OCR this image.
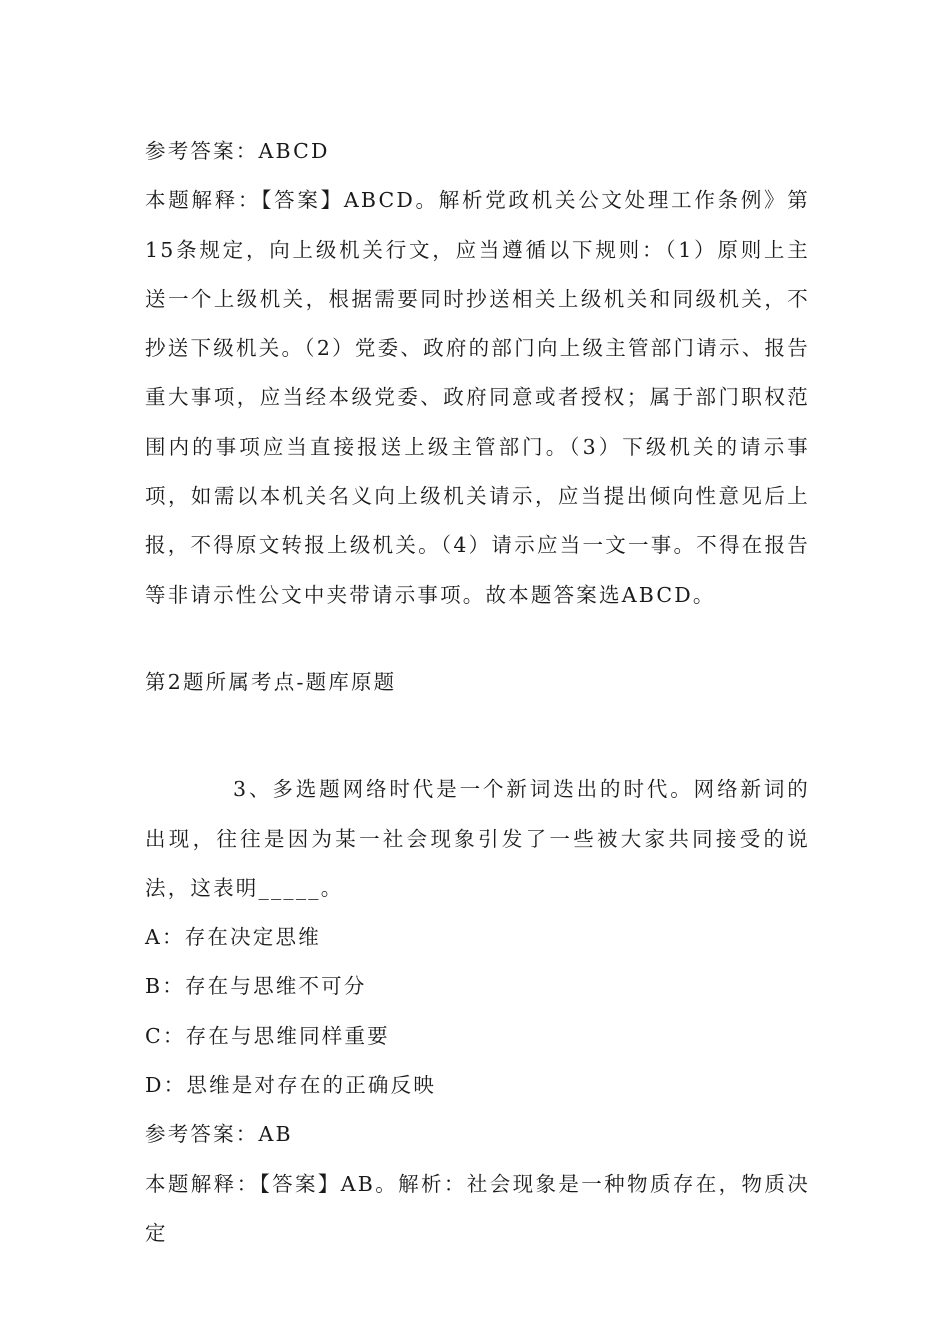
参考答案：ABCD

本题解释：【答案】ABCD。解析党政机关公文处理工作条例》第15条规定，向上级机关行文，应当遵循以下规则：（1）原则上主送一个上级机关，根据需要同时抄送相关上级机关和同级机关，不抄送下级机关。（2）党委、政府的部门向上级主管部门请示、报告重大事项，应当经本级党委、政府同意或者授权；属于部门职权范围内的事项应当直接报送上级主管部门。（3）下级机关的请示事项，如需以本机关名义向上级机关请示，应当提出倾向性意见后上报，不得原文转报上级机关。（4）请示应当一文一事。不得在报告等非请示性公文中夹带请示事项。故本题答案选ABCD。

第2题所属考点-题库原题

3、多选题网络时代是一个新词迭出的时代。网络新词的出现，往往是因为某一社会现象引发了一些被大家共同接受的说法，这表明_____。

A：存在决定思维

B：存在与思维不可分

C：存在与思维同样重要

D：思维是对存在的正确反映

参考答案：AB

本题解释：【答案】AB。解析：社会现象是一种物质存在，物质决定
